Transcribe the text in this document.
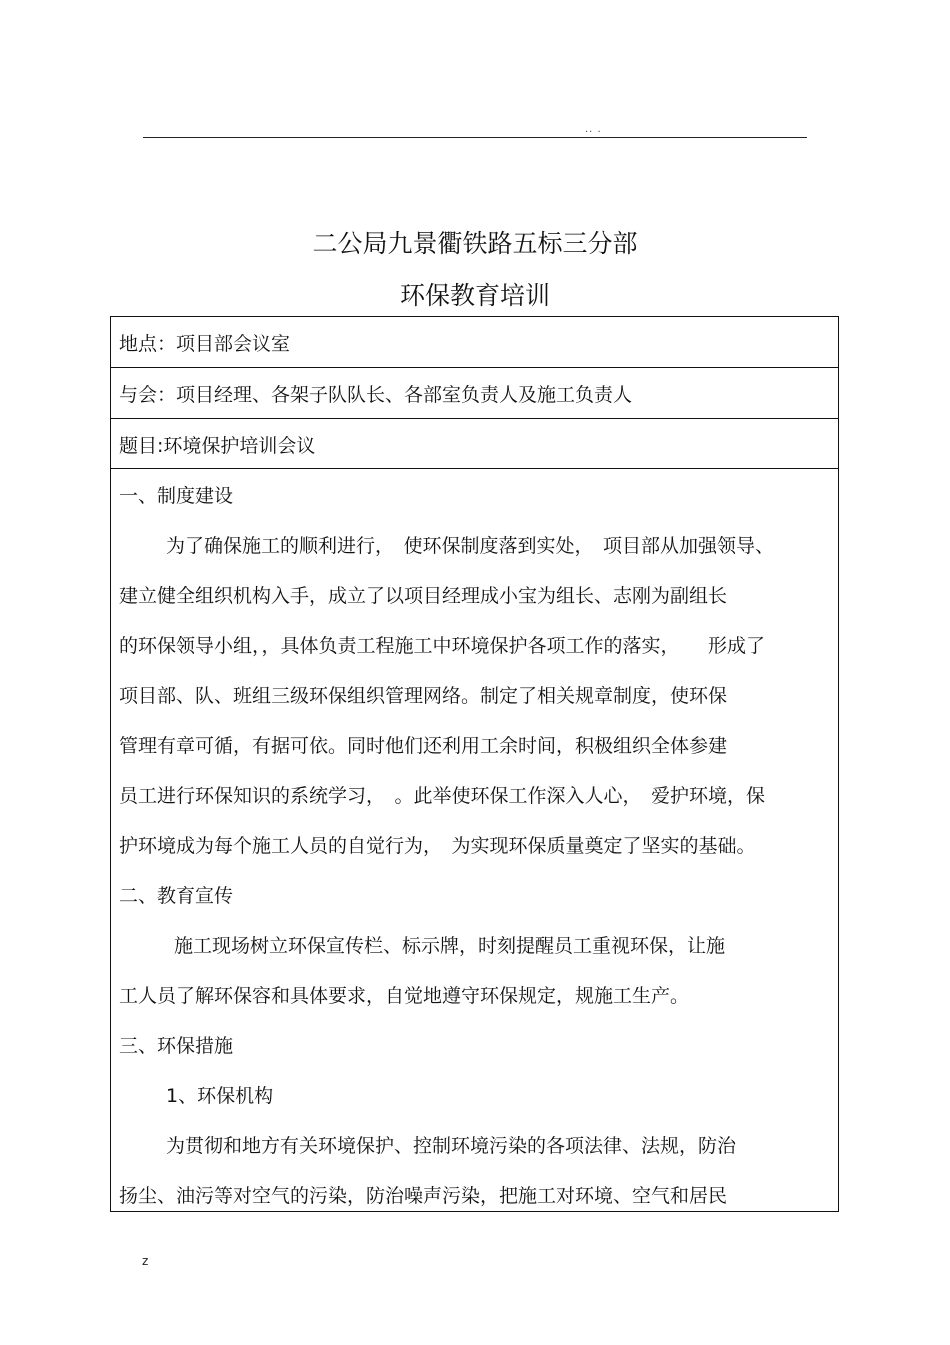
.. .
二公局九景衢铁路五标三分部
环保教育培训
地点：项目部会议室
与会：项目经理、各架子队队长、各部室负责人及施工负责人
题目:环境保护培训会议
一、制度建设
为了确保施工的顺利进行，　使环保制度落到实处，　项目部从加强领导、
建立健全组织机构入手，成立了以项目经理成小宝为组长、志刚为副组长
的环保领导小组，，具体负责工程施工中环境保护各项工作的落实，　　形成了
项目部、队、班组三级环保组织管理网络。制定了相关规章制度，使环保
管理有章可循，有据可依。同时他们还利用工余时间，积极组织全体参建
员工进行环保知识的系统学习，　。此举使环保工作深入人心，　爱护环境，保
护环境成为每个施工人员的自觉行为，　为实现环保质量奠定了坚实的基础。
二、教育宣传
施工现场树立环保宣传栏、标示牌，时刻提醒员工重视环保，让施
工人员了解环保容和具体要求，自觉地遵守环保规定，规施工生产。
三、环保措施
1、环保机构
为贯彻和地方有关环境保护、控制环境污染的各项法律、法规，防治
扬尘、油污等对空气的污染，防治噪声污染，把施工对环境、空气和居民
z
